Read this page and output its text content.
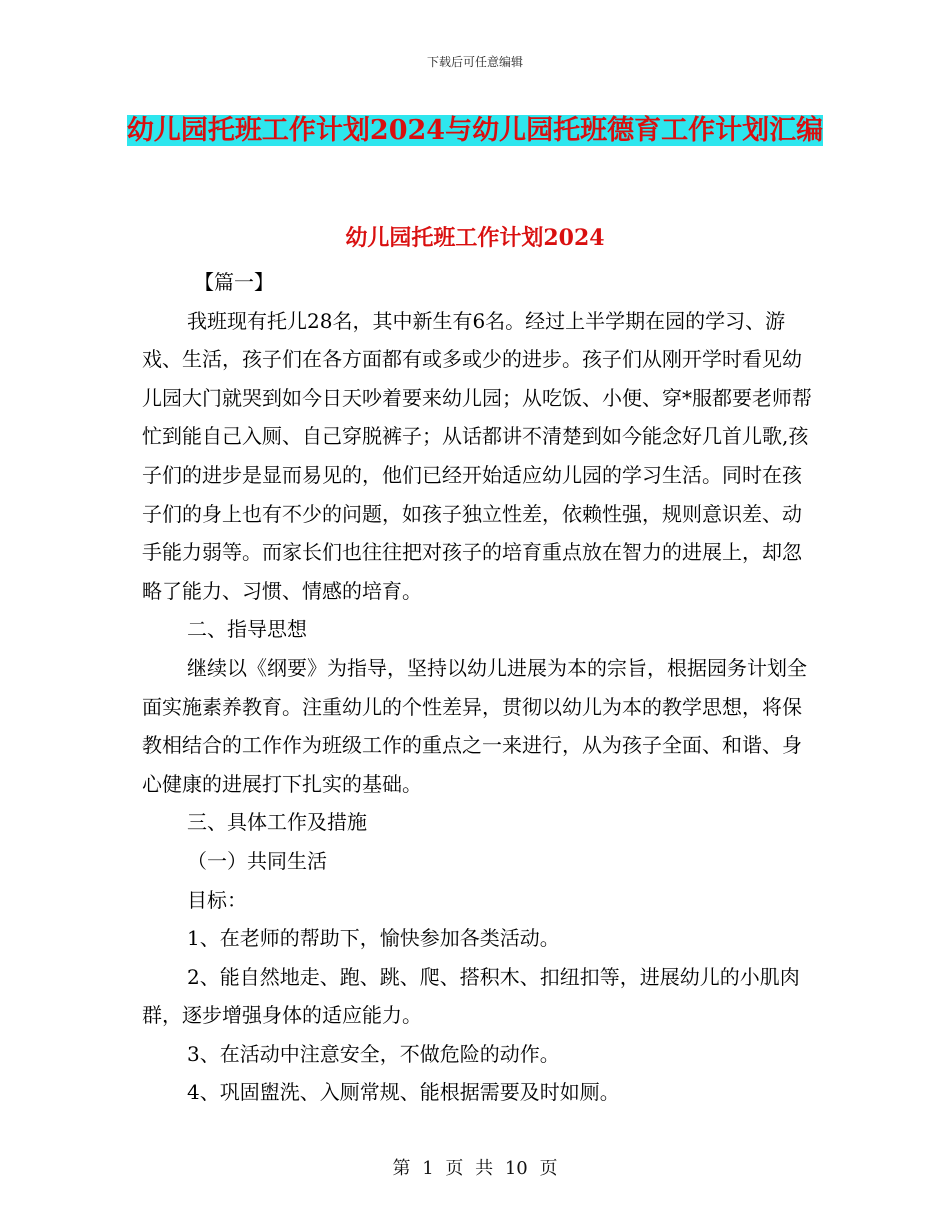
下载后可任意编辑
幼儿园托班工作计划2024与幼儿园托班德育工作计划汇编
幼儿园托班工作计划2024

【篇一】

我班现有托儿28名，其中新生有6名。经过上半学期在园的学习、游戏、生活，孩子们在各方面都有或多或少的进步。孩子们从刚开学时看见幼儿园大门就哭到如今日天吵着要来幼儿园；从吃饭、小便、穿*服都要老师帮忙到能自己入厕、自己穿脱裤子；从话都讲不清楚到如今能念好几首儿歌,孩子们的进步是显而易见的，他们已经开始适应幼儿园的学习生活。同时在孩子们的身上也有不少的问题，如孩子独立性差，依赖性强，规则意识差、动手能力弱等。而家长们也往往把对孩子的培育重点放在智力的进展上，却忽略了能力、习惯、情感的培育。

二、指导思想

继续以《纲要》为指导，坚持以幼儿进展为本的宗旨，根据园务计划全面实施素养教育。注重幼儿的个性差异，贯彻以幼儿为本的教学思想，将保教相结合的工作作为班级工作的重点之一来进行，从为孩子全面、和谐、身心健康的进展打下扎实的基础。

三、具体工作及措施

（一）共同生活

目标：

1、在老师的帮助下，愉快参加各类活动。

2、能自然地走、跑、跳、爬、搭积木、扣纽扣等，进展幼儿的小肌肉群，逐步增强身体的适应能力。

3、在活动中注意安全，不做危险的动作。

4、巩固盥洗、入厕常规、能根据需要及时如厕。

第 1 页 共 10 页
